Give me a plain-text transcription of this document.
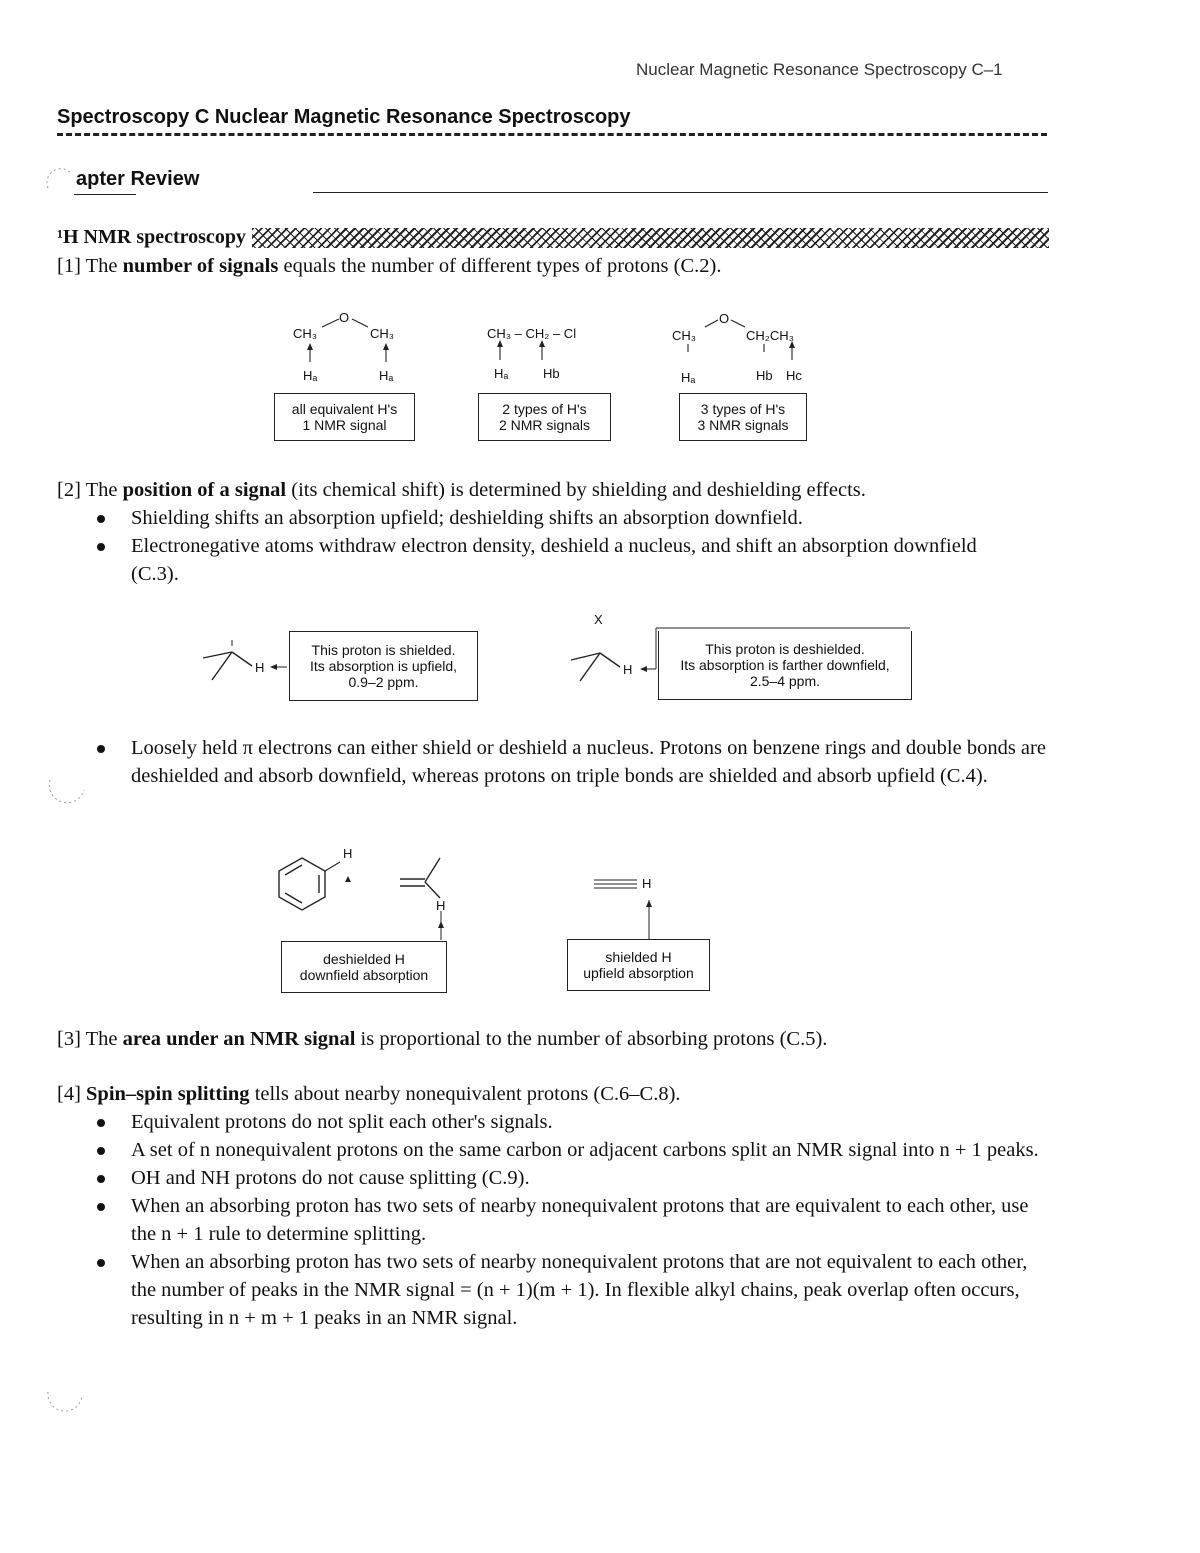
Nuclear Magnetic Resonance Spectroscopy C–1
Spectroscopy C Nuclear Magnetic Resonance Spectroscopy
apter Review
¹H NMR spectroscopy
[1] The number of signals equals the number of different types of protons (C.2).
O
CH₃	CH₃
Hₐ	Hₐ
all equivalent H's
1 NMR signal
CH₃ – CH₂ – Cl
Hₐ	Hb
2 types of H's
2 NMR signals
O
CH₃	CH₂CH₃
Hₐ	Hb Hc
3 types of H's
3 NMR signals
[2] The position of a signal (its chemical shift) is determined by shielding and deshielding effects.
Shielding shifts an absorption upfield; deshielding shifts an absorption downfield.
Electronegative atoms withdraw electron density, deshield a nucleus, and shift an absorption downfield (C.3).
H
X
H
This proton is shielded.
Its absorption is upfield,
0.9–2 ppm.
This proton is deshielded.
Its absorption is farther downfield,
2.5–4 ppm.
Loosely held π electrons can either shield or deshield a nucleus. Protons on benzene rings and double bonds are deshielded and absorb downfield, whereas protons on triple bonds are shielded and absorb upfield (C.4).
H
H
H
deshielded H
downfield absorption
shielded H
upfield absorption
[3] The area under an NMR signal is proportional to the number of absorbing protons (C.5).
[4] Spin–spin splitting tells about nearby nonequivalent protons (C.6–C.8).
Equivalent protons do not split each other's signals.
A set of n nonequivalent protons on the same carbon or adjacent carbons split an NMR signal into n + 1 peaks.
OH and NH protons do not cause splitting (C.9).
When an absorbing proton has two sets of nearby nonequivalent protons that are equivalent to each other, use the n + 1 rule to determine splitting.
When an absorbing proton has two sets of nearby nonequivalent protons that are not equivalent to each other, the number of peaks in the NMR signal = (n + 1)(m + 1). In flexible alkyl chains, peak overlap often occurs, resulting in n + m + 1 peaks in an NMR signal.
